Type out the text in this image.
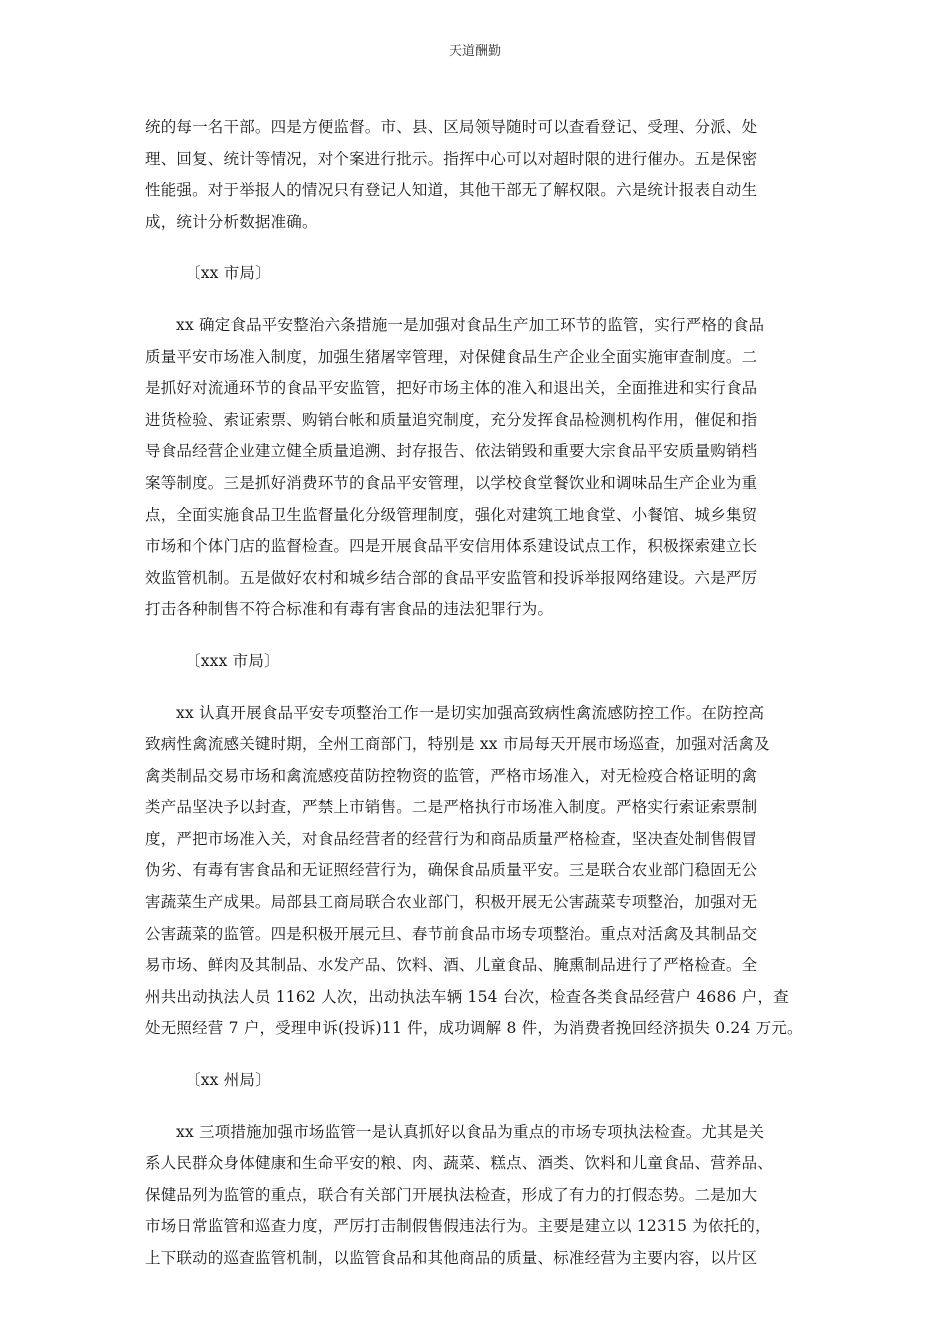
天道酬勤
统的每一名干部。四是方便监督。市、县、区局领导随时可以查看登记、受理、分派、处
理、回复、统计等情况，对个案进行批示。指挥中心可以对超时限的进行催办。五是保密
性能强。对于举报人的情况只有登记人知道，其他干部无了解权限。六是统计报表自动生
成，统计分析数据准确。
〔xx 市局〕
xx 确定食品平安整治六条措施一是加强对食品生产加工环节的监管，实行严格的食品
质量平安市场准入制度，加强生猪屠宰管理，对保健食品生产企业全面实施审查制度。二
是抓好对流通环节的食品平安监管，把好市场主体的准入和退出关，全面推进和实行食品
进货检验、索证索票、购销台帐和质量追究制度，充分发挥食品检测机构作用，催促和指
导食品经营企业建立健全质量追溯、封存报告、依法销毁和重要大宗食品平安质量购销档
案等制度。三是抓好消费环节的食品平安管理，以学校食堂餐饮业和调味品生产企业为重
点，全面实施食品卫生监督量化分级管理制度，强化对建筑工地食堂、小餐馆、城乡集贸
市场和个体门店的监督检查。四是开展食品平安信用体系建设试点工作，积极探索建立长
效监管机制。五是做好农村和城乡结合部的食品平安监管和投诉举报网络建设。六是严厉
打击各种制售不符合标准和有毒有害食品的违法犯罪行为。
〔xxx 市局〕
xx 认真开展食品平安专项整治工作一是切实加强高致病性禽流感防控工作。在防控高
致病性禽流感关键时期，全州工商部门，特别是 xx 市局每天开展市场巡查，加强对活禽及
禽类制品交易市场和禽流感疫苗防控物资的监管，严格市场准入，对无检疫合格证明的禽
类产品坚决予以封查，严禁上市销售。二是严格执行市场准入制度。严格实行索证索票制
度，严把市场准入关，对食品经营者的经营行为和商品质量严格检查，坚决查处制售假冒
伪劣、有毒有害食品和无证照经营行为，确保食品质量平安。三是联合农业部门稳固无公
害蔬菜生产成果。局部县工商局联合农业部门，积极开展无公害蔬菜专项整治，加强对无
公害蔬菜的监管。四是积极开展元旦、春节前食品市场专项整治。重点对活禽及其制品交
易市场、鲜肉及其制品、水发产品、饮料、酒、儿童食品、腌熏制品进行了严格检查。全
州共出动执法人员 1162 人次，出动执法车辆 154 台次，检查各类食品经营户 4686 户，查
处无照经营 7 户，受理申诉(投诉)11 件，成功调解 8 件，为消费者挽回经济损失 0.24 万元。
〔xx 州局〕
xx 三项措施加强市场监管一是认真抓好以食品为重点的市场专项执法检查。尤其是关
系人民群众身体健康和生命平安的粮、肉、蔬菜、糕点、酒类、饮料和儿童食品、营养品、
保健品列为监管的重点，联合有关部门开展执法检查，形成了有力的打假态势。二是加大
市场日常监管和巡查力度，严厉打击制假售假违法行为。主要是建立以 12315 为依托的，
上下联动的巡查监管机制，以监管食品和其他商品的质量、标准经营为主要内容，以片区
